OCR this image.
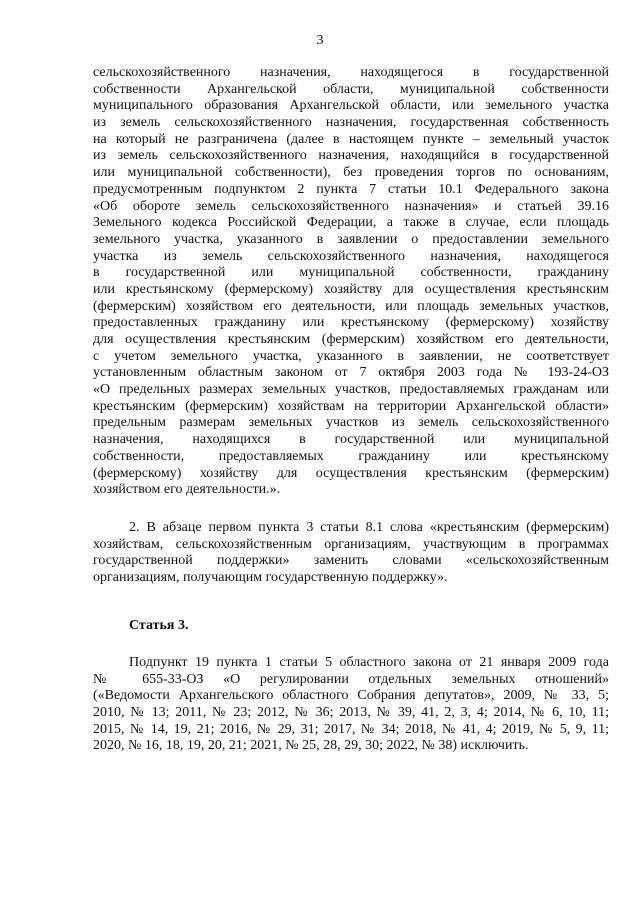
3
сельскохозяйственного назначения, находящегося в государственной
собственности Архангельской области, муниципальной собственности
муниципального образования Архангельской области, или земельного участка
из земель сельскохозяйственного назначения, государственная собственность
на который не разграничена (далее в настоящем пункте – земельный участок
из земель сельскохозяйственного назначения, находящийся в государственной
или муниципальной собственности), без проведения торгов по основаниям,
предусмотренным подпунктом 2 пункта 7 статьи 10.1 Федерального закона
«Об обороте земель сельскохозяйственного назначения» и статьей 39.16
Земельного кодекса Российской Федерации, а также в случае, если площадь
земельного участка, указанного в заявлении о предоставлении земельного
участка из земель сельскохозяйственного назначения, находящегося
в государственной или муниципальной собственности, гражданину
или крестьянскому (фермерскому) хозяйству для осуществления крестьянским
(фермерским) хозяйством его деятельности, или площадь земельных участков,
предоставленных гражданину или крестьянскому (фермерскому) хозяйству
для осуществления крестьянским (фермерским) хозяйством его деятельности,
с учетом земельного участка, указанного в заявлении, не соответствует
установленным областным законом от 7 октября 2003 года № 193-24-ОЗ
«О предельных размерах земельных участков, предоставляемых гражданам или
крестьянским (фермерским) хозяйствам на территории Архангельской области»
предельным размерам земельных участков из земель сельскохозяйственного
назначения, находящихся в государственной или муниципальной
собственности, предоставляемых гражданину или крестьянскому
(фермерскому) хозяйству для осуществления крестьянским (фермерским)
хозяйством его деятельности.».
2. В абзаце первом пункта 3 статьи 8.1 слова «крестьянским (фермерским)
хозяйствам, сельскохозяйственным организациям, участвующим в программах
государственной поддержки» заменить словами «сельскохозяйственным
организациям, получающим государственную поддержку».
Статья 3.
Подпункт 19 пункта 1 статьи 5 областного закона от 21 января 2009 года
№ 655-33-ОЗ «О регулировании отдельных земельных отношений»
(«Ведомости Архангельского областного Собрания депутатов», 2009, № 33, 5;
2010, № 13; 2011, № 23; 2012, № 36; 2013, № 39, 41, 2, 3, 4; 2014, № 6, 10, 11;
2015, № 14, 19, 21; 2016, № 29, 31; 2017, № 34; 2018, № 41, 4; 2019, № 5, 9, 11;
2020, № 16, 18, 19, 20, 21; 2021, № 25, 28, 29, 30; 2022, № 38) исключить.
